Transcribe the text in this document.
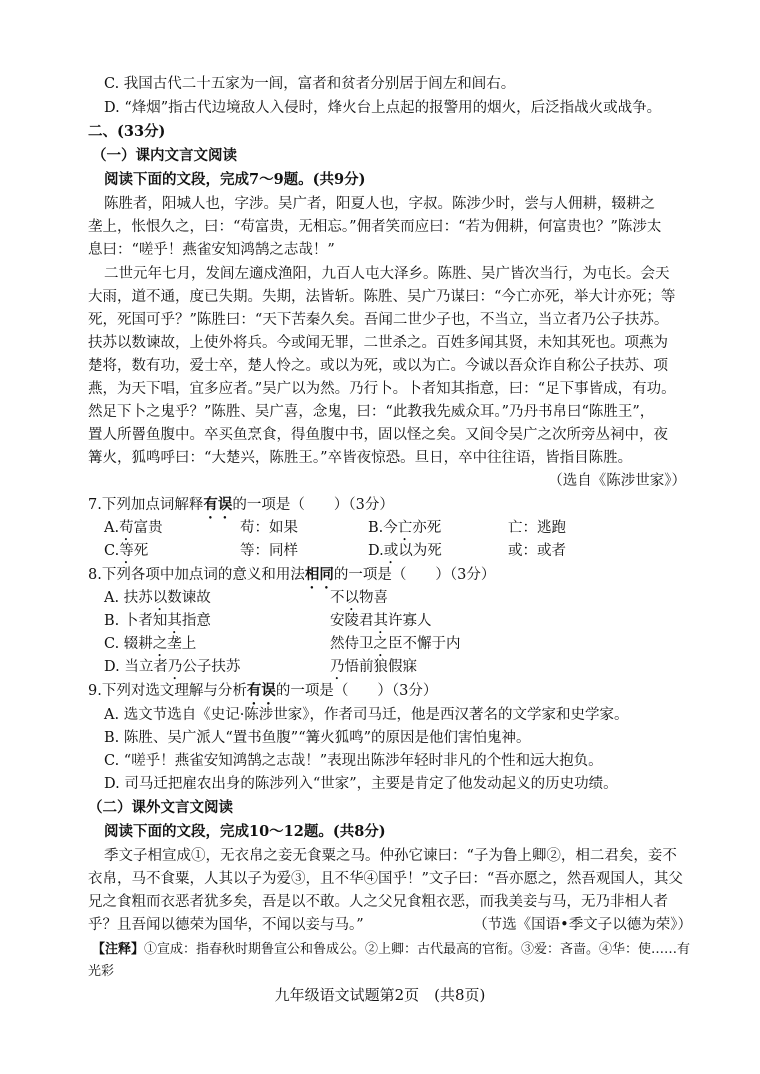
C. 我国古代二十五家为一闾，富者和贫者分别居于闾左和闾右。
D. “烽烟”指古代边境敌人入侵时，烽火台上点起的报警用的烟火，后泛指战火或战争。
二、(33分)
（一）课内文言文阅读
阅读下面的文段，完成7～9题。(共9分)
陈胜者，阳城人也，字涉。吴广者，阳夏人也，字叔。陈涉少时，尝与人佣耕，辍耕之
垄上，怅恨久之，曰：“苟富贵，无相忘。”佣者笑而应曰：“若为佣耕，何富贵也？”陈涉太
息曰：“嗟乎！燕雀安知鸿鹄之志哉！”
二世元年七月，发闾左適戍渔阳，九百人屯大泽乡。陈胜、吴广皆次当行，为屯长。会天
大雨，道不通，度已失期。失期，法皆斩。陈胜、吴广乃谋曰：“今亡亦死，举大计亦死；等
死，死国可乎？”陈胜曰：“天下苦秦久矣。吾闻二世少子也，不当立，当立者乃公子扶苏。
扶苏以数谏故，上使外将兵。今或闻无罪，二世杀之。百姓多闻其贤，未知其死也。项燕为
楚将，数有功，爱士卒，楚人怜之。或以为死，或以为亡。今诚以吾众诈自称公子扶苏、项
燕，为天下唱，宜多应者。”吴广以为然。乃行卜。卜者知其指意，曰：“足下事皆成，有功。
然足下卜之鬼乎？”陈胜、吴广喜，念鬼，曰：“此教我先威众耳。”乃丹书帛曰“陈胜王”，
置人所罾鱼腹中。卒买鱼烹食，得鱼腹中书，固以怪之矣。又间令吴广之次所旁丛祠中，夜
篝火，狐鸣呼曰：“大楚兴，陈胜王。”卒皆夜惊恐。旦日，卒中往往语，皆指目陈胜。
（选自《陈涉世家》）
7.下列加点词解释有误的一项是（　　）（3分）
A.苟富贵	苟：如果	B.今亡亦死	亡：逃跑
C.等死	等：同样	D.或以为死	或：或者
8.下列各项中加点词的意义和用法相同的一项是（　　）（3分）
A. 扶苏以数谏故	不以物喜
B. 卜者知其指意	安陵君其许寡人
C. 辍耕之垄上	然侍卫之臣不懈于内
D. 当立者乃公子扶苏	乃悟前狼假寐
9.下列对选文理解与分析有误的一项是（　　）（3分）
A. 选文节选自《史记·陈涉世家》，作者司马迁，他是西汉著名的文学家和史学家。
B. 陈胜、吴广派人“置书鱼腹”“篝火狐鸣”的原因是他们害怕鬼神。
C. “嗟乎！燕雀安知鸿鹄之志哉！”表现出陈涉年轻时非凡的个性和远大抱负。
D. 司马迁把雇农出身的陈涉列入“世家”，主要是肯定了他发动起义的历史功绩。
（二）课外文言文阅读
阅读下面的文段，完成10～12题。(共8分)
季文子相宣成①，无衣帛之妾无食粟之马。仲孙它谏曰：“子为鲁上卿②，相二君矣，妾不
衣帛，马不食粟，人其以子为爱③，且不华④国乎！”文子曰：“吾亦愿之，然吾观国人，其父
兄之食粗而衣恶者犹多矣，吾是以不敢。人之父兄食粗衣恶，而我美妾与马，无乃非相人者
乎？且吾闻以德荣为国华，不闻以妾与马。”	（节选《国语•季文子以德为荣》）
【注释】①宣成：指春秋时期鲁宣公和鲁成公。②上卿：古代最高的官衔。③爱：吝啬。④华：使……有
光彩
九年级语文试题第2页　(共8页)
